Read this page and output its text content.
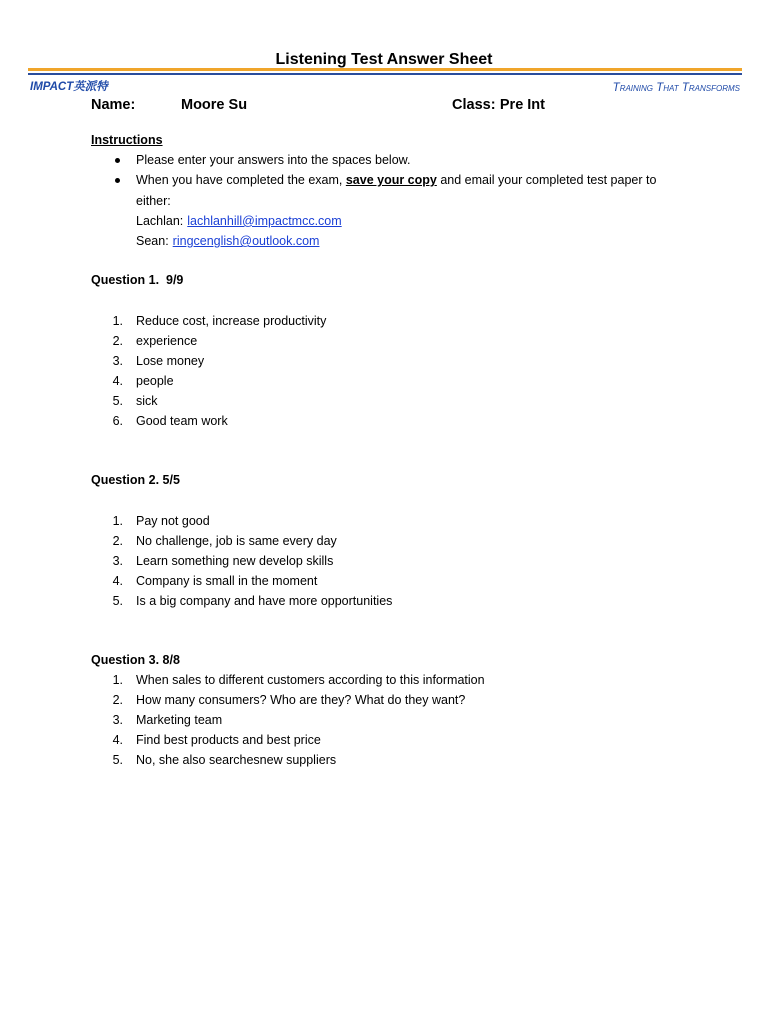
Listening Test Answer Sheet
IMPACT英派特	Training That Transforms
Name:	Moore Su	Class: Pre Int
Instructions
Please enter your answers into the spaces below.
When you have completed the exam, save your copy and email your completed test paper to
either:
Lachlan: lachlanhill@impactmcc.com
Sean: ringcenglish@outlook.com
Question 1.  9/9
1. Reduce cost, increase productivity
2. experience
3. Lose money
4. people
5. sick
6. Good team work
Question 2. 5/5
1. Pay not good
2. No challenge, job is same every day
3. Learn something new develop skills
4. Company is small in the moment
5. Is a big company and have more opportunities
Question 3. 8/8
1. When sales to different customers according to this information
2. How many consumers? Who are they? What do they want?
3. Marketing team
4. Find best products and best price
5. No, she also searchesnew suppliers
